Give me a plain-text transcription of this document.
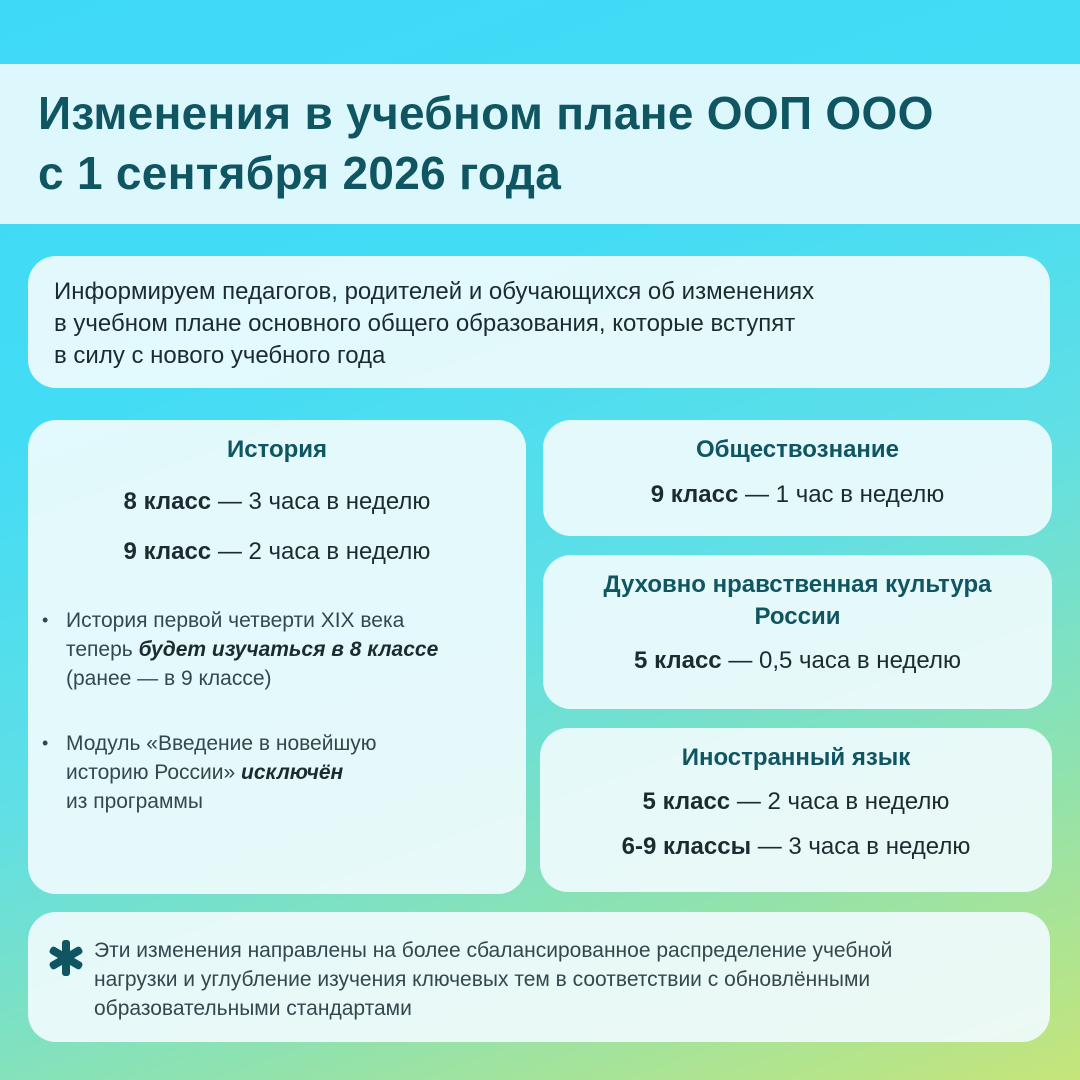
Изменения в учебном плане ООП ООО
с 1 сентября 2026 года
Информируем педагогов, родителей и обучающихся об изменениях
в учебном плане основного общего образования, которые вступят
в силу с нового учебного года
История
8 класс — 3 часа в неделю
9 класс — 2 часа в неделю
• История первой четверти XIX века
теперь будет изучаться в 8 классе
(ранее — в 9 классе)
• Модуль «Введение в новейшую
историю России» исключён
из программы
Обществознание
9 класс — 1 час в неделю
Духовно нравственная культура
России
5 класс — 0,5 часа в неделю
Иностранный язык
5 класс — 2 часа в неделю
6-9 классы — 3 часа в неделю
Эти изменения направлены на более сбалансированное распределение учебной
нагрузки и углубление изучения ключевых тем в соответствии с обновлёнными
образовательными стандартами
